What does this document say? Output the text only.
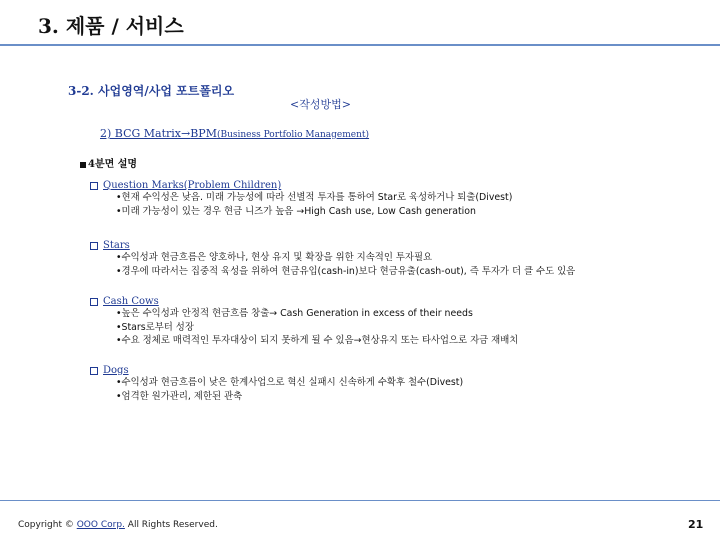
3. 제품 / 서비스
3-2. 사업영역/사업 포트폴리오
<작성방법>
2) BCG Matrix→BPM(Business Portfolio Management)
4분면 설명
Question Marks(Problem Children)
•현재 수익성은 낮음. 미래 가능성에 따라 선별적 투자를 통하여 Star로 육성하거나 퇴출(Divest)
•미래 가능성이 있는 경우 현금 니즈가 높음 →High Cash use, Low Cash generation
Stars
•수익성과 현금흐름은 양호하나, 현상 유지 및 확장을 위한 지속적인 투자필요
•경우에 따라서는 집중적 육성을 위하여 현금유입(cash-in)보다 현금유출(cash-out), 즉 투자가 더 클 수도 있음
Cash Cows
•높은 수익성과 안정적 현금흐름 창출→ Cash Generation in excess of their needs
•Stars로부터 성장
•수요 정체로 매력적인 투자대상이 되지 못하게 될 수 있음→현상유지 또는 타사업으로 자금 재배치
Dogs
•수익성과 현금흐름이 낮은 한계사업으로 혁신 실패시 신속하게 수확후 철수(Divest)
•엄격한 원가관리, 제한된 관축
Copyright © OOO Corp. All Rights Reserved.	21
